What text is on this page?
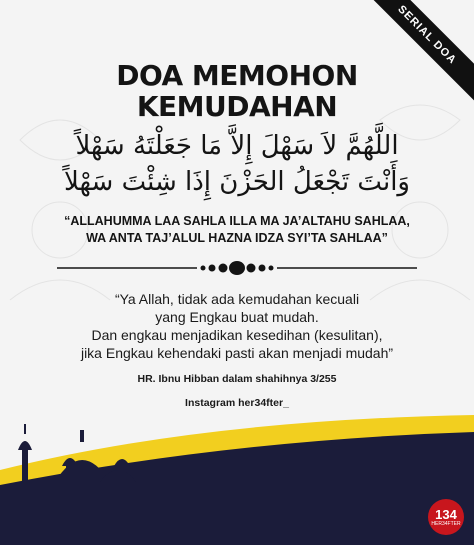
SERIAL DOA
DOA MEMOHON
KEMUDAHAN
اللَّهُمَّ لاَ سَهْلَ إِلاَّ مَا جَعَلْتَهُ سَهْلاً
وَأَنْتَ تَجْعَلُ الحَزْنَ إِذَا شِئْتَ سَهْلاً
“ALLAHUMMA LAA SAHLA ILLA MA JA’ALTAHU SAHLAA,
WA ANTA TAJ’ALUL HAZNA IDZA SYI’TA SAHLAA”
“Ya Allah, tidak ada kemudahan kecuali
yang Engkau buat mudah.
Dan engkau menjadikan kesedihan (kesulitan),
jika Engkau kehendaki pasti akan menjadi mudah”
HR. Ibnu Hibban dalam shahihnya 3/255
Instagram her34fter_
134
HER34FTER
